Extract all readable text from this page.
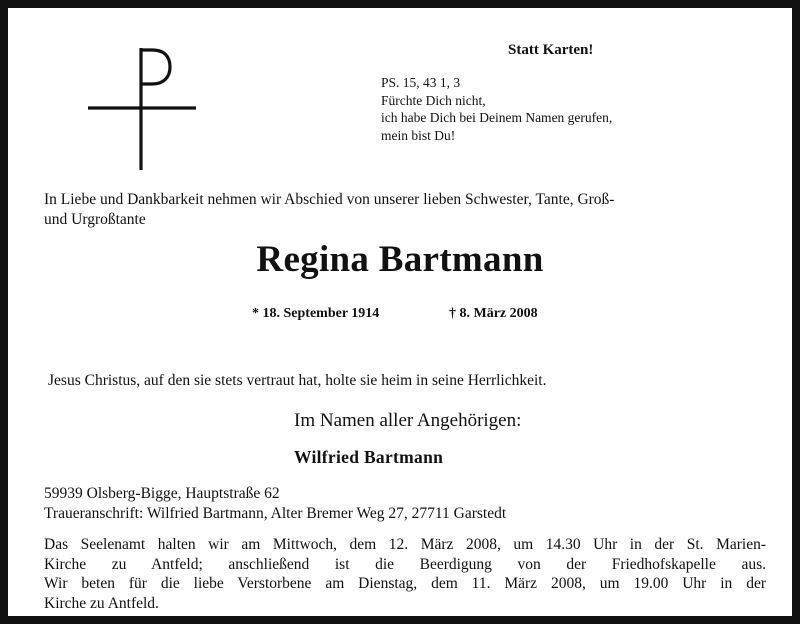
Statt Karten!
PS. 15, 43 1, 3
Fürchte Dich nicht,
ich habe Dich bei Deinem Namen gerufen,
mein bist Du!
In Liebe und Dankbarkeit nehmen wir Abschied von unserer lieben Schwester, Tante, Groß-
und Urgroßtante
Regina Bartmann
* 18. September 1914	† 8. März 2008
Jesus Christus, auf den sie stets vertraut hat, holte sie heim in seine Herrlichkeit.
Im Namen aller Angehörigen:
Wilfried Bartmann
59939 Olsberg-Bigge, Hauptstraße 62
Traueranschrift: Wilfried Bartmann, Alter Bremer Weg 27, 27711 Garstedt
Das Seelenamt halten wir am Mittwoch, dem 12. März 2008, um 14.30 Uhr in der St. Marien-
Kirche zu Antfeld; anschließend ist die Beerdigung von der Friedhofskapelle aus.
Wir beten für die liebe Verstorbene am Dienstag, dem 11. März 2008, um 19.00 Uhr in der
Kirche zu Antfeld.
